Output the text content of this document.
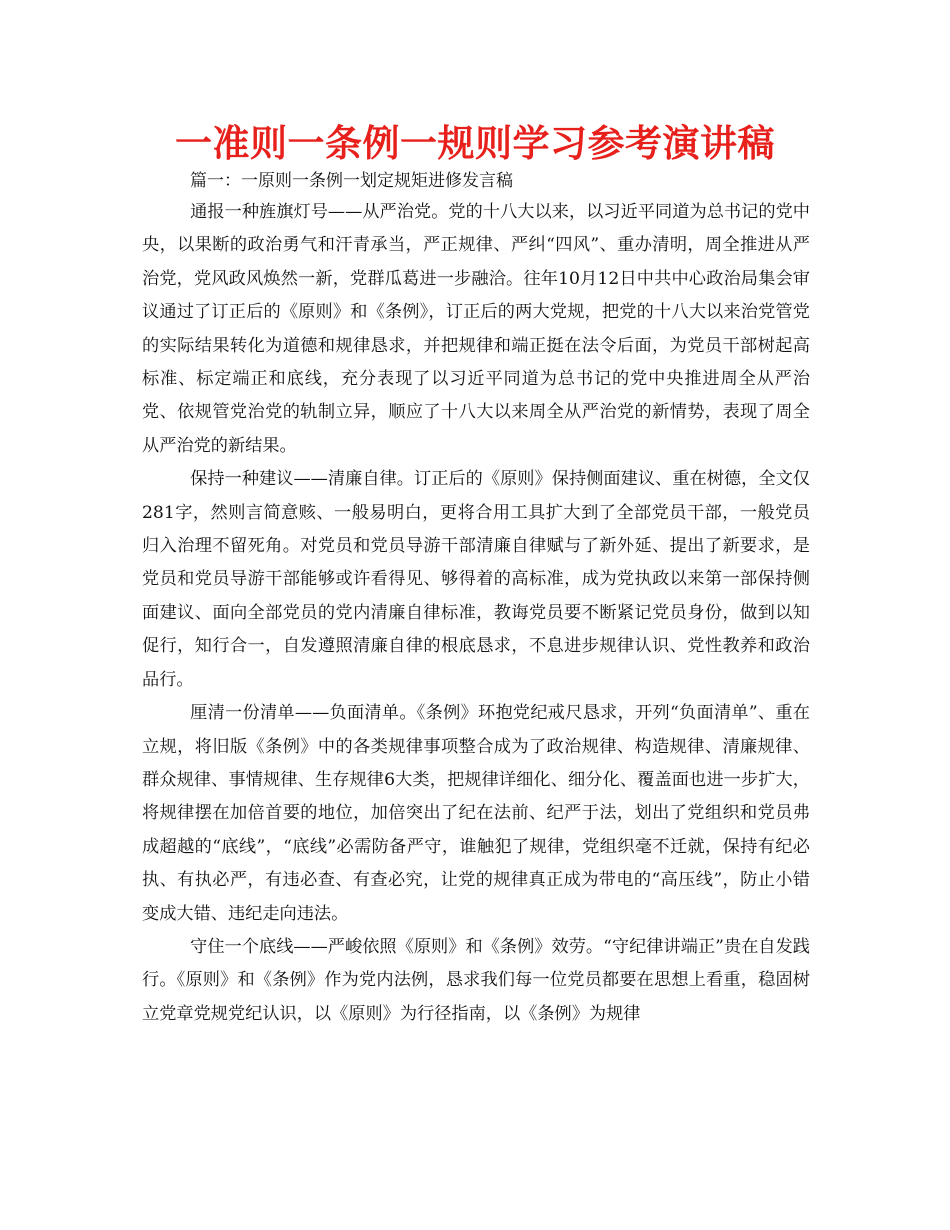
一准则一条例一规则学习参考演讲稿

篇一：一原则一条例一划定规矩进修发言稿

通报一种旌旗灯号——从严治党。党的十八大以来，以习近平同道为总书记的党中央，以果断的政治勇气和汗青承当，严正规律、严纠“四风”、重办清明，周全推进从严治党，党风政风焕然一新，党群瓜葛进一步融洽。往年10月12日中共中心政治局集会审议通过了订正后的《原则》和《条例》，订正后的两大党规，把党的十八大以来治党管党的实际结果转化为道德和规律恳求，并把规律和端正挺在法令后面，为党员干部树起高标准、标定端正和底线，充分表现了以习近平同道为总书记的党中央推进周全从严治党、依规管党治党的轨制立异，顺应了十八大以来周全从严治党的新情势，表现了周全从严治党的新结果。

保持一种建议——清廉自律。订正后的《原则》保持侧面建议、重在树德，全文仅281字，然则言简意赅、一般易明白，更将合用工具扩大到了全部党员干部，一般党员归入治理不留死角。对党员和党员导游干部清廉自律赋与了新外延、提出了新要求，是党员和党员导游干部能够或许看得见、够得着的高标准，成为党执政以来第一部保持侧面建议、面向全部党员的党内清廉自律标准，教诲党员要不断紧记党员身份，做到以知促行，知行合一，自发遵照清廉自律的根底恳求，不息进步规律认识、党性教养和政治品行。

厘清一份清单——负面清单。《条例》环抱党纪戒尺恳求，开列“负面清单”、重在立规，将旧版《条例》中的各类规律事项整合成为了政治规律、构造规律、清廉规律、群众规律、事情规律、生存规律6大类，把规律详细化、细分化、覆盖面也进一步扩大，将规律摆在加倍首要的地位，加倍突出了纪在法前、纪严于法，划出了党组织和党员弗成超越的“底线”，“底线”必需防备严守，谁触犯了规律，党组织毫不迁就，保持有纪必执、有执必严，有违必查、有查必究，让党的规律真正成为带电的“高压线”，防止小错变成大错、违纪走向违法。

守住一个底线——严峻依照《原则》和《条例》效劳。“守纪律讲端正”贵在自发践行。《原则》和《条例》作为党内法例，恳求我们每一位党员都要在思想上看重，稳固树立党章党规党纪认识，以《原则》为行径指南，以《条例》为规律
